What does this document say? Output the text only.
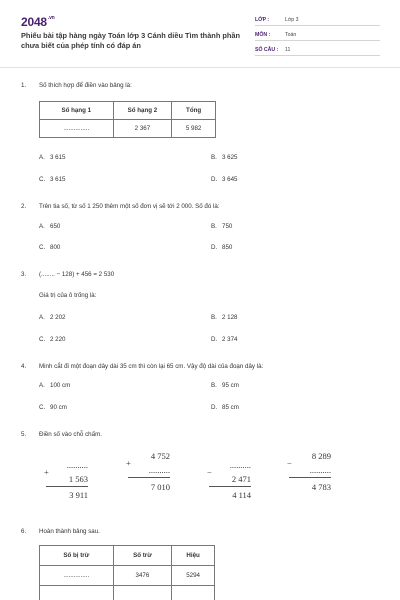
$2048^{.vn}$
Phiếu bài tập hàng ngày Toán lớp 3 Cánh diều Tìm thành phần chưa biết của phép tính có đáp án
LỚP :	Lớp 3
MÔN :	Toán
SỐ CÂU : 11
1. Số thích hợp để điền vào bảng là:
Số hạng 1	Số hạng 2	Tổng
...............	2 367	5 982
A. 3 615	B. 3 625
C. 3 615	D. 3 645
2. Trên tia số, từ số 1 250 thêm một số đơn vị sẽ tới 2 000. Số đó là:
A. 650	B. 750
C. 800	D. 850
3. (........ − 128) + 456 = 2 530
Giá trị của ô trống là:
A. 2 202	B. 2 128
C. 2 220	D. 2 374
4. Minh cắt đi một đoạn dây dài 35 cm thì còn lại 65 cm. Vậy độ dài của đoạn dây là:
A. 100 cm	B. 95 cm
C. 90 cm	D. 85 cm
5. Điền số vào chỗ chấm.
..........
+
1 563
3 911
4 752
+
..........
7 010
..........
−
2 471
4 114
8 289
−
..........
4 783
6. Hoàn thành bảng sau.
Số bị trừ	Số trừ	Hiệu
...............	3476	5294
